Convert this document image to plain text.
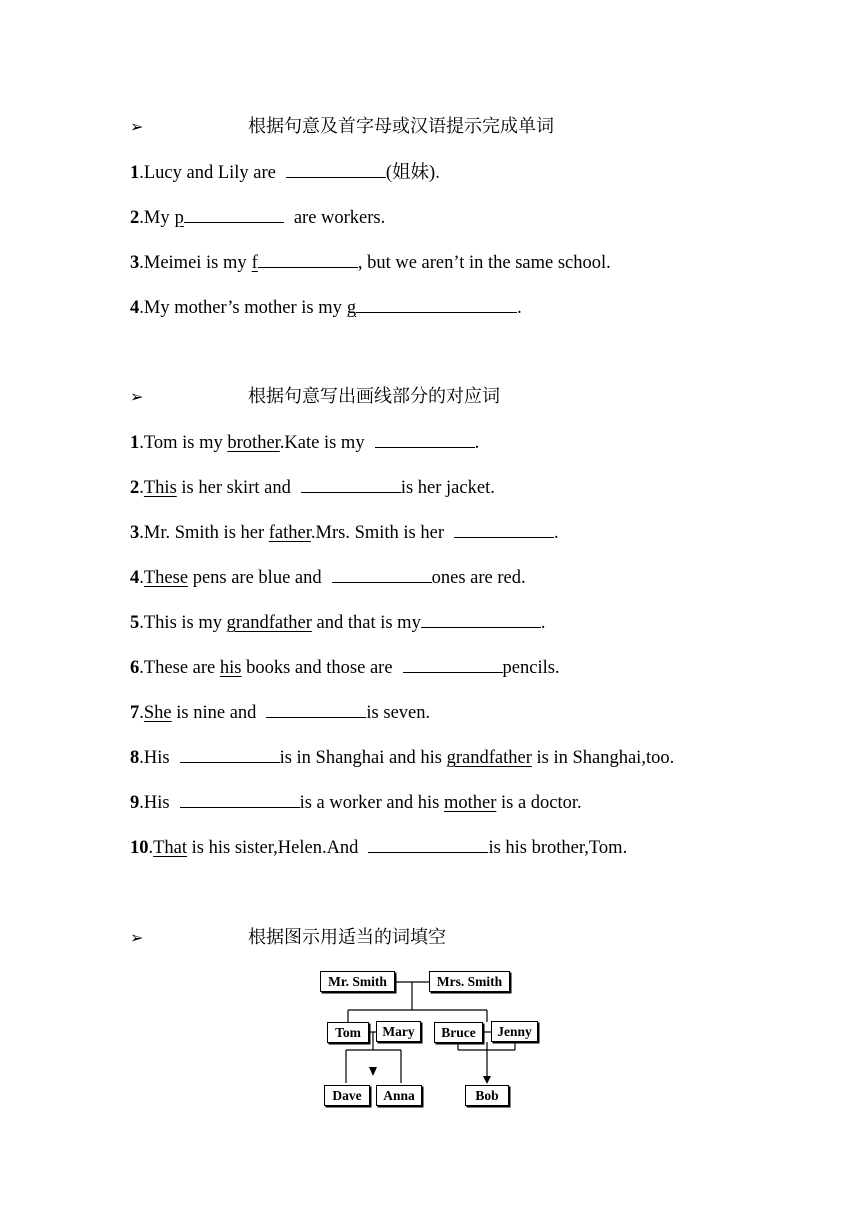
➢	根据句意及首字母或汉语提示完成单词
1.Lucy and Lily are	(姐妹).
2.My p	are workers.
3.Meimei is my f	, but we aren’t in the same school.
4.My mother’s mother is my g	.
➢	根据句意写出画线部分的对应词
1.Tom is my brother.Kate is my	.
2.This is her skirt and	is her jacket.
3.Mr. Smith is her father.Mrs. Smith is her	.
4.These pens are blue and	ones are red.
5.This is my grandfather and that is my	.
6.These are his books and those are	pencils.
7.She is nine and	is seven.
8.His	is in Shanghai and his grandfather is in Shanghai,too.
9.His	is a worker and his mother is a doctor.
10.That is his sister,Helen.And	is his brother,Tom.
➢	根据图示用适当的词填空
Mr. Smith	Mrs. Smith
Tom	Mary	Bruce	Jenny
Dave	Anna	Bob
